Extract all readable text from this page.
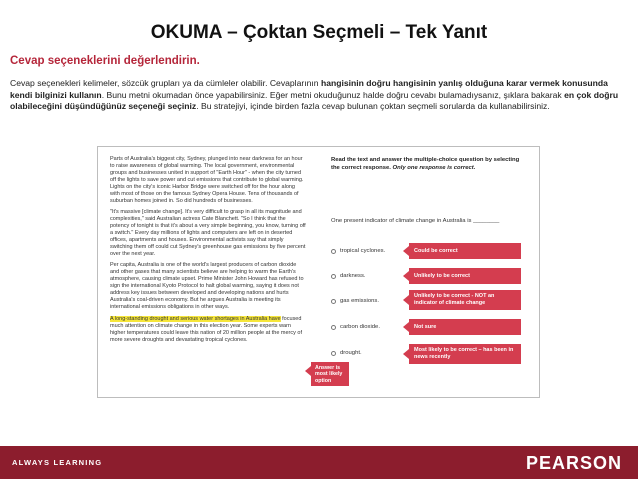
OKUMA – Çoktan Seçmeli – Tek Yanıt
Cevap seçeneklerini değerlendirin.
Cevap seçenekleri kelimeler, sözcük grupları ya da cümleler olabilir. Cevaplarının hangisinin doğru hangisinin yanlış olduğuna karar vermek konusunda kendi bilginizi kullanın. Bunu metni okumadan önce yapabilirsiniz. Eğer metni okuduğunuz halde doğru cevabı bulamadıysanız, şıklara bakarak en çok doğru olabileceğini düşündüğünüz seçeneği seçiniz. Bu stratejiyi, içinde birden fazla cevap bulunan çoktan seçmeli sorularda da kullanabilirsiniz.

Parts of Australia's biggest city, Sydney, plunged into near darkness for an hour to raise awareness of global warming. The local government, environmental groups and businesses united in support of "Earth Hour" - when the city turned off the lights to save power and cut emissions that contribute to global warming. Lights on the city's iconic Harbor Bridge were switched off for the hour along with most of those on the famous Sydney Opera House. Tens of thousands of suburban homes joined in. So did hundreds of businesses.

"It's massive [climate change]. It's very difficult to grasp in all its magnitude and complexities," said Australian actress Cate Blanchett. "So I think that the potency of tonight is that it's about a very simple beginning, you know, turning off a switch." Every day millions of lights and computers are left on in deserted offices, apartments and houses. Environmental activists say that simply switching them off could cut Sydney's greenhouse gas emissions by five percent over the next year.

Per capita, Australia is one of the world's largest producers of carbon dioxide and other gases that many scientists believe are helping to warm the Earth's atmosphere, causing climate upset. Prime Minister John Howard has refused to sign the international Kyoto Protocol to halt global warming, saying it does not address key issues between developed and developing nations and hurts Australia's coal-driven economy. But he argues Australia is meeting its international emissions obligations in other ways.

A long-standing drought and serious water shortages in Australia have focused much attention on climate change in this election year. Some experts warn higher temperatures could leave this nation of 20 million people at the mercy of more severe droughts and devastating tropical cyclones.

Read the text and answer the multiple-choice question by selecting the correct response. Only one response is correct.
One present indicator of climate change in Australia is ________
tropical cyclones.
darkness.
gas emissions.
carbon dioxide.
drought.
Could be correct
Unlikely to be correct
Unlikely to be correct - NOT an indicator of climate change
Not sure
Most likely to be correct – has been in news recently
Answer is most likely option
ALWAYS LEARNING	PEARSON
